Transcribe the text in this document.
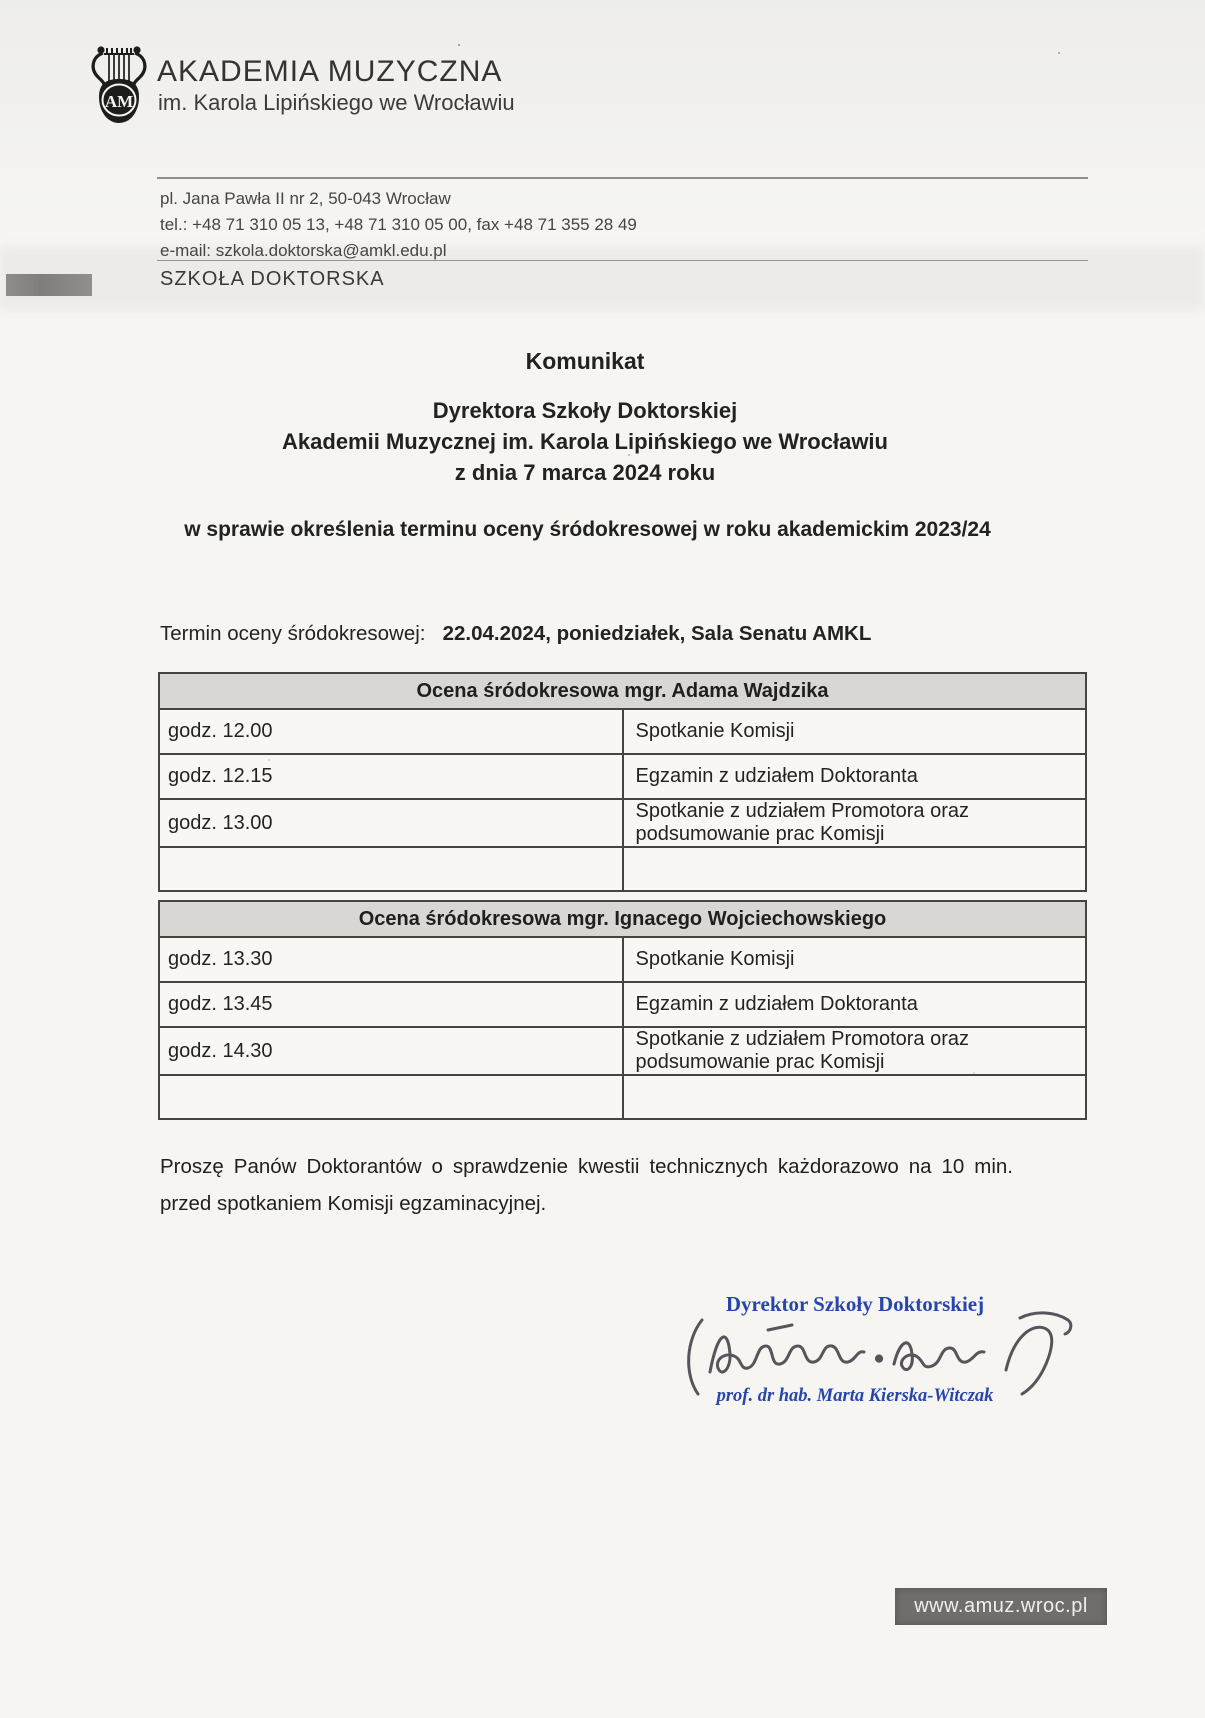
AM
AKADEMIA MUZYCZNA
im. Karola Lipińskiego we Wrocławiu
pl. Jana Pawła II nr 2, 50-043 Wrocław
tel.: +48 71 310 05 13, +48 71 310 05 00, fax +48 71 355 28 49
e-mail: szkola.doktorska@amkl.edu.pl
SZKOŁA DOKTORSKA
Komunikat
Dyrektora Szkoły Doktorskiej
Akademii Muzycznej im. Karola Lipińskiego we Wrocławiu
z dnia 7 marca 2024 roku
w sprawie określenia terminu oceny śródokresowej w roku akademickim 2023/24
Termin oceny śródokresowej: 22.04.2024, poniedziałek, Sala Senatu AMKL
Ocena śródokresowa mgr. Adama Wajdzika	
godz. 12.00	Spotkanie Komisji
godz. 12.15	Egzamin z udziałem Doktoranta
godz. 13.00	Spotkanie z udziałem Promotora oraz podsumowanie prac Komisji

Ocena śródokresowa mgr. Ignacego Wojciechowskiego	
godz. 13.30	Spotkanie Komisji
godz. 13.45	Egzamin z udziałem Doktoranta
godz. 14.30	Spotkanie z udziałem Promotora oraz podsumowanie prac Komisji

Proszę Panów Doktorantów o sprawdzenie kwestii technicznych każdorazowo na 10 min. przed spotkaniem Komisji egzaminacyjnej.
Dyrektor Szkoły Doktorskiej
prof. dr hab. Marta Kierska-Witczak
www.amuz.wroc.pl
